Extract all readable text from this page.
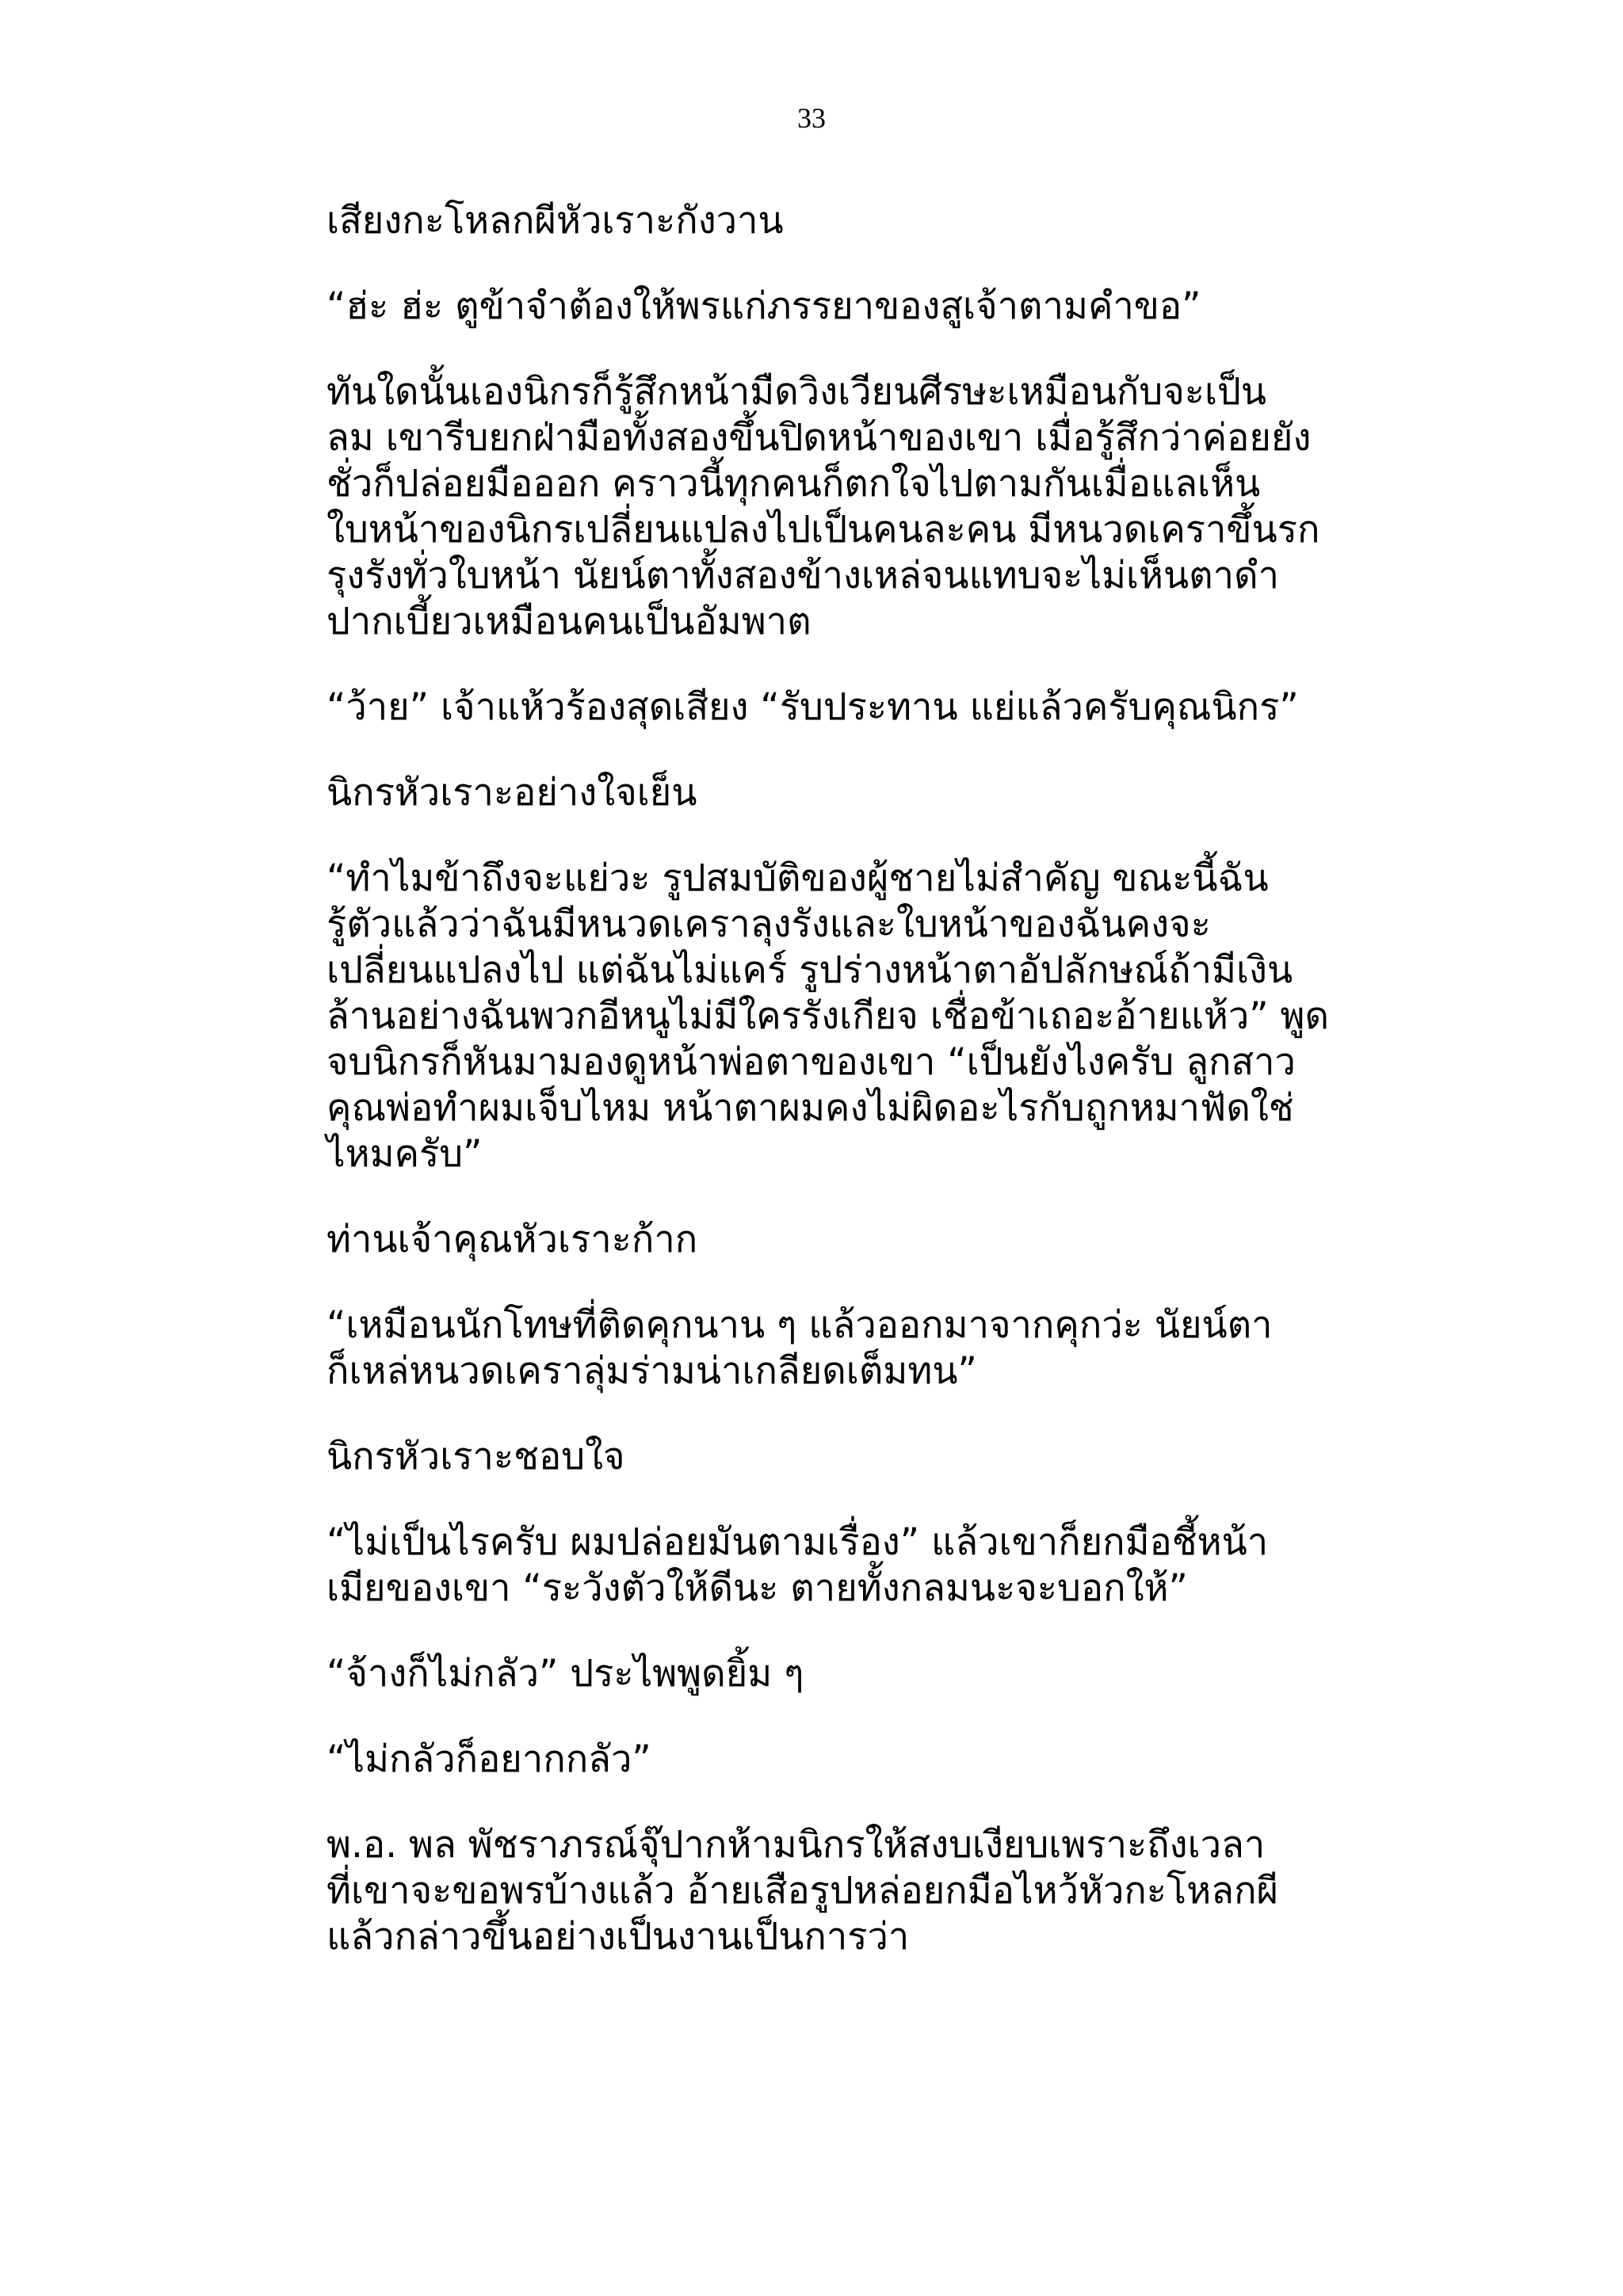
33

เสียงกะโหลกผีหัวเราะกังวาน

“ฮ่ะ ฮ่ะ ตูข้าจำต้องให้พรแก่ภรรยาของสูเจ้าตามคำขอ”

ทันใดนั้นเองนิกรก็รู้สึกหน้ามืดวิงเวียนศีรษะเหมือนกับจะเป็น
ลม เขารีบยกฝ่ามือทั้งสองขึ้นปิดหน้าของเขา เมื่อรู้สึกว่าค่อยยัง
ชั่วก็ปล่อยมือออก คราวนี้ทุกคนก็ตกใจไปตามกันเมื่อแลเห็น
ใบหน้าของนิกรเปลี่ยนแปลงไปเป็นคนละคน มีหนวดเคราขึ้นรก
รุงรังทั่วใบหน้า นัยน์ตาทั้งสองข้างเหล่จนแทบจะไม่เห็นตาดำ
ปากเบี้ยวเหมือนคนเป็นอัมพาต

“ว้าย” เจ้าแห้วร้องสุดเสียง “รับประทาน แย่แล้วครับคุณนิกร”

นิกรหัวเราะอย่างใจเย็น

“ทำไมข้าถึงจะแย่วะ รูปสมบัติของผู้ชายไม่สำคัญ ขณะนี้ฉัน
รู้ตัวแล้วว่าฉันมีหนวดเคราลุงรังและใบหน้าของฉันคงจะ
เปลี่ยนแปลงไป แต่ฉันไม่แคร์ รูปร่างหน้าตาอัปลักษณ์ถ้ามีเงิน
ล้านอย่างฉันพวกอีหนูไม่มีใครรังเกียจ เชื่อข้าเถอะอ้ายแห้ว” พูด
จบนิกรก็หันมามองดูหน้าพ่อตาของเขา “เป็นยังไงครับ ลูกสาว
คุณพ่อทำผมเจ็บไหม หน้าตาผมคงไม่ผิดอะไรกับถูกหมาฟัดใช่
ไหมครับ”

ท่านเจ้าคุณหัวเราะก้าก

“เหมือนนักโทษที่ติดคุกนาน ๆ แล้วออกมาจากคุกว่ะ นัยน์ตา
ก็เหล่หนวดเคราลุ่มร่ามน่าเกลียดเต็มทน”

นิกรหัวเราะชอบใจ

“ไม่เป็นไรครับ ผมปล่อยมันตามเรื่อง” แล้วเขาก็ยกมือชี้หน้า
เมียของเขา “ระวังตัวให้ดีนะ ตายทั้งกลมนะจะบอกให้”

“จ้างก็ไม่กลัว” ประไพพูดยิ้ม ๆ

“ไม่กลัวก็อยากกลัว”

พ.อ. พล พัชราภรณ์จุ๊ปากห้ามนิกรให้สงบเงียบเพราะถึงเวลา
ที่เขาจะขอพรบ้างแล้ว อ้ายเสือรูปหล่อยกมือไหว้หัวกะโหลกผี
แล้วกล่าวขึ้นอย่างเป็นงานเป็นการว่า
